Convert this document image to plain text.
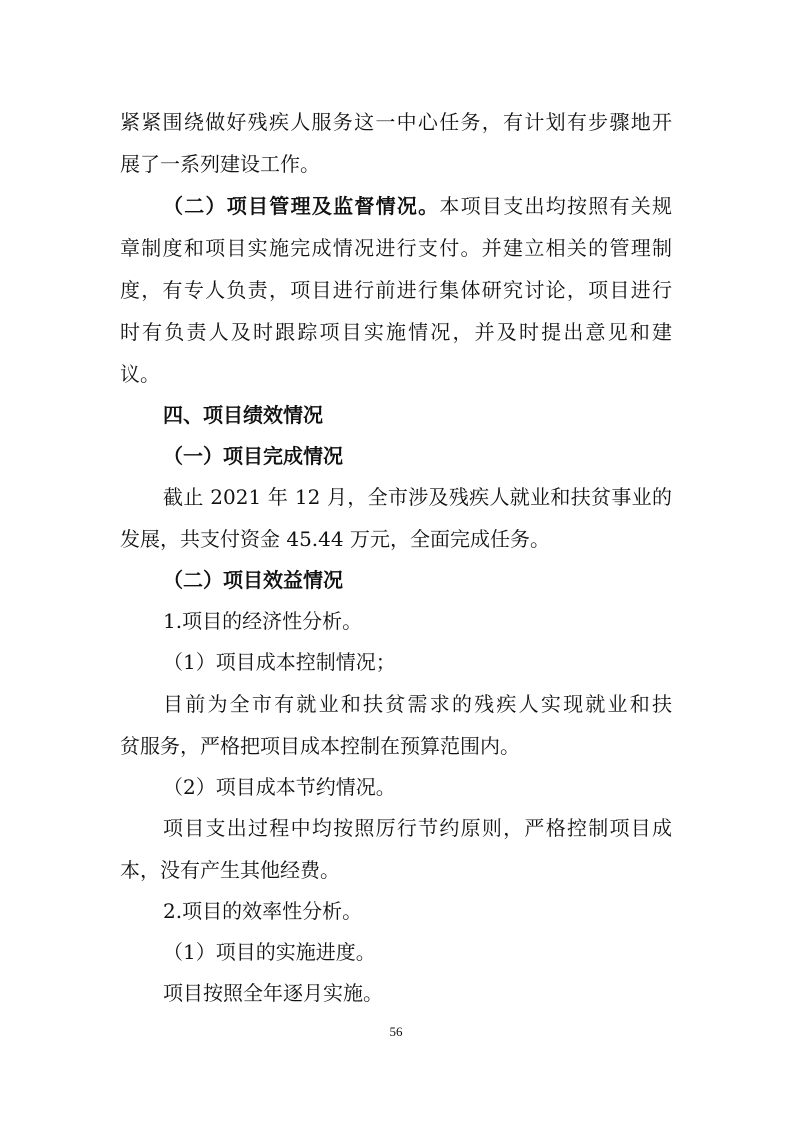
紧紧围绕做好残疾人服务这一中心任务，有计划有步骤地开
展了一系列建设工作。
（二）项目管理及监督情况。本项目支出均按照有关规
章制度和项目实施完成情况进行支付。并建立相关的管理制
度，有专人负责，项目进行前进行集体研究讨论，项目进行
时有负责人及时跟踪项目实施情况，并及时提出意见和建
议。
四、项目绩效情况
（一）项目完成情况
截止 2021 年 12 月，全市涉及残疾人就业和扶贫事业的
发展，共支付资金 45.44 万元，全面完成任务。
（二）项目效益情况
1.项目的经济性分析。
（1）项目成本控制情况；
目前为全市有就业和扶贫需求的残疾人实现就业和扶
贫服务，严格把项目成本控制在预算范围内。
（2）项目成本节约情况。
项目支出过程中均按照厉行节约原则，严格控制项目成
本，没有产生其他经费。
2.项目的效率性分析。
（1）项目的实施进度。
项目按照全年逐月实施。
56
